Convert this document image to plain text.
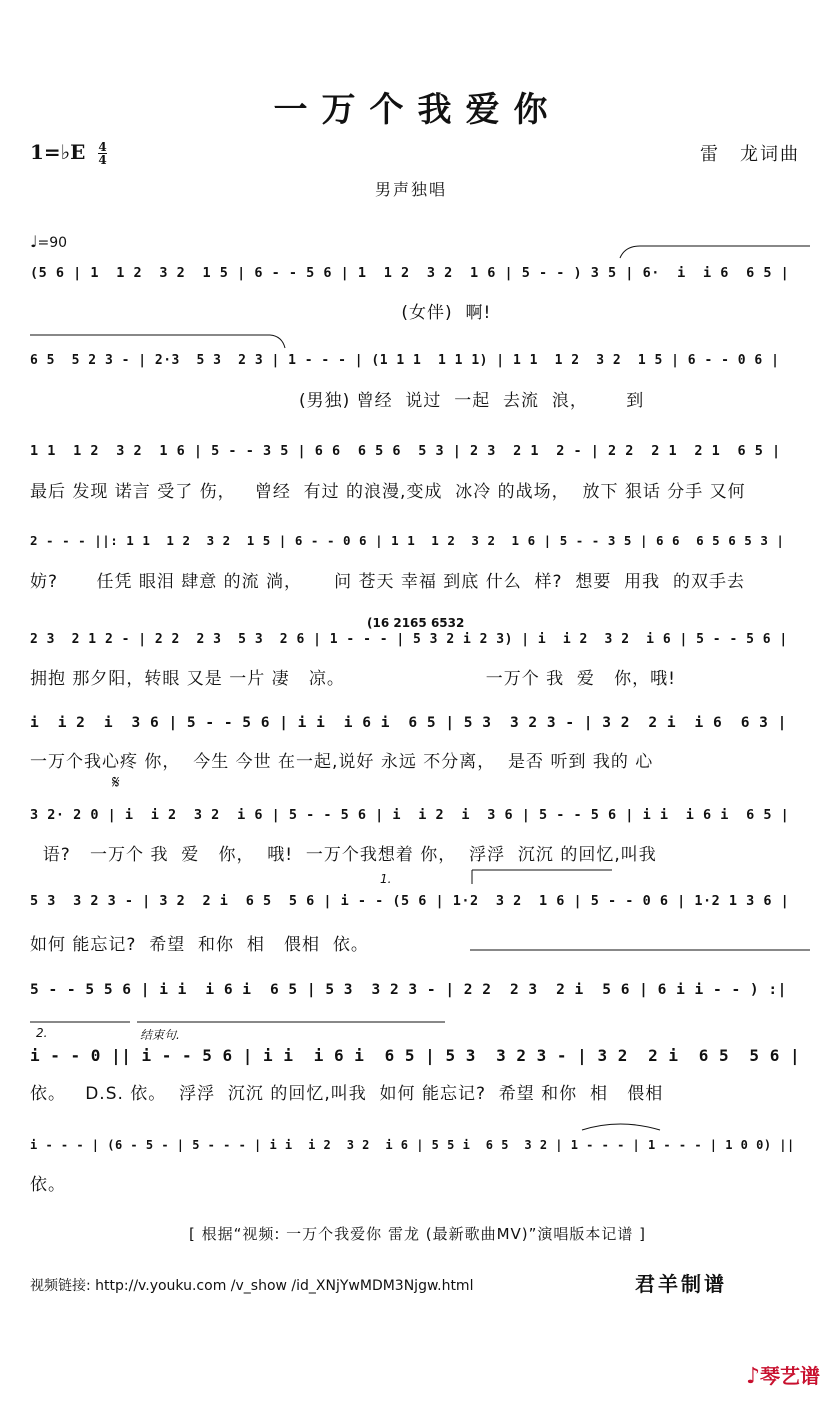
一万个我爱你
1=♭E $\frac{4}{4}$	雷　龙词曲
男声独唱
♩=90
2.	结束句.
1.
𝄋
(16 2165 6532
(5 6 | 1  1 2  3 2  1 5 | 6 - - 5 6 | 1  1 2  3 2  1 6 | 5 - - ) 3 5 | 6·  i  i 6  6 5 |
(女伴)  啊!
6 5  5 2 3 - | 2·3  5 3  2 3 | 1 - - - | (1 1 1  1 1 1) | 1 1  1 2  3 2  1 5 | 6 - - 0 6 |
(男独) 曾经  说过  一起  去流  浪，      到
1 1  1 2  3 2  1 6 | 5 - - 3 5 | 6 6  6 5 6  5 3 | 2 3  2 1  2 - | 2 2  2 1  2 1  6 5 |
最后 发现 诺言 受了 伤，   曾经  有过 的浪漫,变成  冰冷 的战场，  放下 狠话 分手 又何
2 - - - ||: 1 1  1 2  3 2  1 5 | 6 - - 0 6 | 1 1  1 2  3 2  1 6 | 5 - - 3 5 | 6 6  6 5 6 5 3 |
妨?      任凭 眼泪 肆意 的流 淌，     问 苍天 幸福 到底 什么  样?  想要  用我  的双手去
2 3  2 1 2 - | 2 2  2 3  5 3  2 6 | 1 - - - | 5 3 2 i 2 3) | i  i 2  3 2  i 6 | 5 - - 5 6 |
拥抱 那夕阳，转眼 又是 一片 凄   凉。                      一万个 我  爱   你，哦!
i  i 2  i  3 6 | 5 - - 5 6 | i i  i 6 i  6 5 | 5 3  3 2 3 - | 3 2  2 i  i 6  6 3 |
一万个我心疼 你，  今生 今世 在一起,说好 永远 不分离，  是否 听到 我的 心
3 2· 2 0 | i  i 2  3 2  i 6 | 5 - - 5 6 | i  i 2  i  3 6 | 5 - - 5 6 | i i  i 6 i  6 5 |
语?   一万个 我  爱   你，  哦!  一万个我想着 你，  浮浮  沉沉 的回忆,叫我
5 3  3 2 3 - | 3 2  2 i  6 5  5 6 | i - - (5 6 | 1·2  3 2  1 6 | 5 - - 0 6 | 1·2 1 3 6 |
如何 能忘记?  希望  和你  相   偎相  依。
5 - - 5 5 6 | i i  i 6 i  6 5 | 5 3  3 2 3 - | 2 2  2 3  2 i  5 6 | 6 i i - - ) :|
i - - 0 || i - - 5 6 | i i  i 6 i  6 5 | 5 3  3 2 3 - | 3 2  2 i  6 5  5 6 |
依。   D.S. 依。  浮浮  沉沉 的回忆,叫我  如何 能忘记?  希望 和你  相   偎相
i - - - | (6 - 5 - | 5 - - - | i i  i 2  3 2  i 6 | 5 5 i  6 5  3 2 | 1 - - - | 1 - - - | 1 0 0) ||
依。
[ 根据“视频: 一万个我爱你 雷龙 (最新歌曲MV)”演唱版本记谱 ]
视频链接: http://v.youku.com /v_show /id_XNjYwMDM3Njgw.html	君羊制谱
♪琴艺谱
